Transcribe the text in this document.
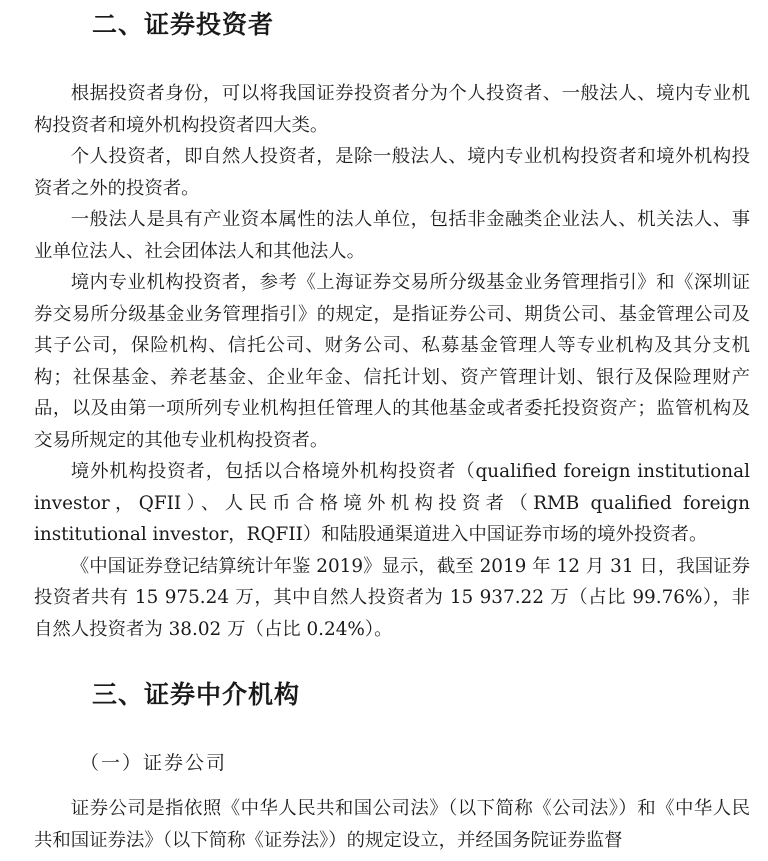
二、证券投资者

根据投资者身份，可以将我国证券投资者分为个人投资者、一般法人、境内专业机构投资者和境外机构投资者四大类。

个人投资者，即自然人投资者，是除一般法人、境内专业机构投资者和境外机构投资者之外的投资者。

一般法人是具有产业资本属性的法人单位，包括非金融类企业法人、机关法人、事业单位法人、社会团体法人和其他法人。

境内专业机构投资者，参考《上海证券交易所分级基金业务管理指引》和《深圳证券交易所分级基金业务管理指引》的规定，是指证券公司、期货公司、基金管理公司及其子公司，保险机构、信托公司、财务公司、私募基金管理人等专业机构及其分支机构；社保基金、养老基金、企业年金、信托计划、资产管理计划、银行及保险理财产品，以及由第一项所列专业机构担任管理人的其他基金或者委托投资资产；监管机构及交易所规定的其他专业机构投资者。

境外机构投资者，包括以合格境外机构投资者（qualified foreign institutional investor，QFII）、人民币合格境外机构投资者（RMB qualified foreign institutional investor，RQFII）和陆股通渠道进入中国证券市场的境外投资者。

《中国证券登记结算统计年鉴 2019》显示，截至 2019 年 12 月 31 日，我国证券投资者共有 15 975.24 万，其中自然人投资者为 15 937.22 万（占比 99.76%），非自然人投资者为 38.02 万（占比 0.24%）。

三、证券中介机构
（一）证券公司

证券公司是指依照《中华人民共和国公司法》（以下简称《公司法》）和《中华人民共和国证券法》（以下简称《证券法》）的规定设立，并经国务院证券监督
